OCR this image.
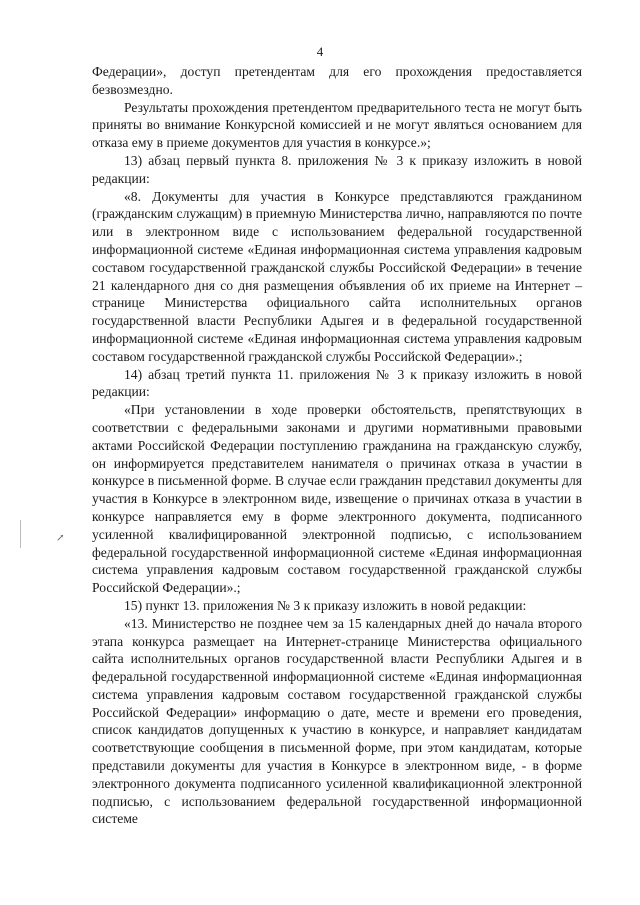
4
↗

Федерации», доступ претендентам для его прохождения предоставляется безвозмездно.

Результаты прохождения претендентом предварительного теста не могут быть приняты во внимание Конкурсной комиссией и не могут являться основанием для отказа ему в приеме документов для участия в конкурсе.»;

13) абзац первый пункта 8. приложения № 3 к приказу изложить в новой редакции:

«8. Документы для участия в Конкурсе представляются гражданином (гражданским служащим) в приемную Министерства лично, направляются по почте или в электронном виде с использованием федеральной государственной информационной системе «Единая информационная система управления кадровым составом государственной гражданской службы Российской Федерации» в течение 21 календарного дня со дня размещения объявления об их приеме на Интернет – странице Министерства официального сайта исполнительных органов государственной власти Республики Адыгея и в федеральной государственной информационной системе «Единая информационная система управления кадровым составом государственной гражданской службы Российской Федерации».;

14) абзац третий пункта 11. приложения № 3 к приказу изложить в новой редакции:

«При установлении в ходе проверки обстоятельств, препятствующих в соответствии с федеральными законами и другими нормативными правовыми актами Российской Федерации поступлению гражданина на гражданскую службу, он информируется представителем нанимателя о причинах отказа в участии в конкурсе в письменной форме. В случае если гражданин представил документы для участия в Конкурсе в электронном виде, извещение о причинах отказа в участии в конкурсе направляется ему в форме электронного документа, подписанного усиленной квалифицированной электронной подписью, с использованием федеральной государственной информационной системе «Единая информационная система управления кадровым составом государственной гражданской службы Российской Федерации».;

15) пункт 13. приложения № 3 к приказу изложить в новой редакции:

«13. Министерство не позднее чем за 15 календарных дней до начала второго этапа конкурса размещает на Интернет-странице Министерства официального сайта исполнительных органов государственной власти Республики Адыгея и в федеральной государственной информационной системе «Единая информационная система управления кадровым составом государственной гражданской службы Российской Федерации» информацию о дате, месте и времени его проведения, список кандидатов допущенных к участию в конкурсе, и направляет кандидатам соответствующие сообщения в письменной форме, при этом кандидатам, которые представили документы для участия в Конкурсе в электронном виде, - в форме электронного документа подписанного усиленной квалификационной электронной подписью, с использованием федеральной государственной информационной системе
